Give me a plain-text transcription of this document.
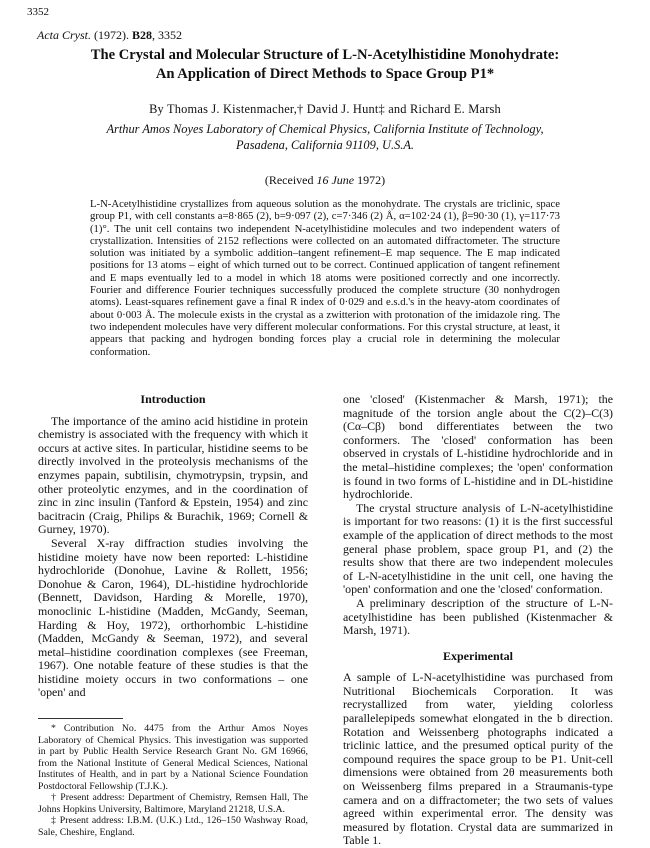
3352
Acta Cryst. (1972). B28, 3352
The Crystal and Molecular Structure of L-N-Acetylhistidine Monohydrate:
An Application of Direct Methods to Space Group P1*
By Thomas J. Kistenmacher,† David J. Hunt‡ and Richard E. Marsh
Arthur Amos Noyes Laboratory of Chemical Physics, California Institute of Technology,
Pasadena, California 91109, U.S.A.
(Received 16 June 1972)

L-N-Acetylhistidine crystallizes from aqueous solution as the monohydrate. The crystals are triclinic, space group P1, with cell constants a=8·865 (2), b=9·097 (2), c=7·346 (2) Å, α=102·24 (1), β=90·30 (1), γ=117·73 (1)°. The unit cell contains two independent N-acetylhistidine molecules and two independent waters of crystallization. Intensities of 2152 reflections were collected on an automated diffractometer. The structure solution was initiated by a symbolic addition–tangent refinement–E map sequence. The E map indicated positions for 13 atoms – eight of which turned out to be correct. Continued application of tangent refinement and E maps eventually led to a model in which 18 atoms were positioned correctly and one incorrectly. Fourier and difference Fourier techniques successfully produced the complete structure (30 nonhydrogen atoms). Least-squares refinement gave a final R index of 0·029 and e.s.d.'s in the heavy-atom coordinates of about 0·003 Å. The molecule exists in the crystal as a zwitterion with protonation of the imidazole ring. The two independent molecules have very different molecular conformations. For this crystal structure, at least, it appears that packing and hydrogen bonding forces play a crucial role in determining the molecular conformation.

Introduction

The importance of the amino acid histidine in protein chemistry is associated with the frequency with which it occurs at active sites. In particular, histidine seems to be directly involved in the proteolysis mechanisms of the enzymes papain, subtilisin, chymotrypsin, trypsin, and other proteolytic enzymes, and in the coordination of zinc in zinc insulin (Tanford & Epstein, 1954) and zinc bacitracin (Craig, Philips & Burachik, 1969; Cornell & Gurney, 1970).

Several X-ray diffraction studies involving the histidine moiety have now been reported: L-histidine hydrochloride (Donohue, Lavine & Rollett, 1956; Donohue & Caron, 1964), DL-histidine hydrochloride (Bennett, Davidson, Harding & Morelle, 1970), monoclinic L-histidine (Madden, McGandy, Seeman, Harding & Hoy, 1972), orthorhombic L-histidine (Madden, McGandy & Seeman, 1972), and several metal–histidine coordination complexes (see Freeman, 1967). One notable feature of these studies is that the histidine moiety occurs in two conformations – one 'open' and

one 'closed' (Kistenmacher & Marsh, 1971); the magnitude of the torsion angle about the C(2)–C(3) (Cα–Cβ) bond differentiates between the two conformers. The 'closed' conformation has been observed in crystals of L-histidine hydrochloride and in the metal–histidine complexes; the 'open' conformation is found in two forms of L-histidine and in DL-histidine hydrochloride.

The crystal structure analysis of L-N-acetylhistidine is important for two reasons: (1) it is the first successful example of the application of direct methods to the most general phase problem, space group P1, and (2) the results show that there are two independent molecules of L-N-acetylhistidine in the unit cell, one having the 'open' conformation and one the 'closed' conformation.

A preliminary description of the structure of L-N-acetylhistidine has been published (Kistenmacher & Marsh, 1971).

Experimental

A sample of L-N-acetylhistidine was purchased from Nutritional Biochemicals Corporation. It was recrystallized from water, yielding colorless parallelepipeds somewhat elongated in the b direction. Rotation and Weissenberg photographs indicated a triclinic lattice, and the presumed optical purity of the compound requires the space group to be P1. Unit-cell dimensions were obtained from 2θ measurements both on Weissenberg films prepared in a Straumanis-type camera and on a diffractometer; the two sets of values agreed within experimental error. The density was measured by flotation. Crystal data are summarized in Table 1.

* Contribution No. 4475 from the Arthur Amos Noyes Laboratory of Chemical Physics. This investigation was supported in part by Public Health Service Research Grant No. GM 16966, from the National Institute of General Medical Sciences, National Institutes of Health, and in part by a National Science Foundation Postdoctoral Fellowship (T.J.K.).

† Present address: Department of Chemistry, Remsen Hall, The Johns Hopkins University, Baltimore, Maryland 21218, U.S.A.

‡ Present address: I.B.M. (U.K.) Ltd., 126–150 Washway Road, Sale, Cheshire, England.
